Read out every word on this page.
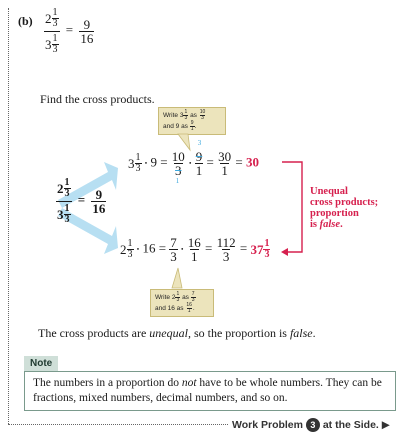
$(b) \frac{2 \frac{1}{3}}{3 \frac{1}{3}} = \frac{9}{16}$
Find the cross products.
Write $3 \frac{1}{3}$ as $\frac{10}{3}$
and 9 as $\frac{9}{1}$ .
$\frac{2 \frac{1}{3}}{3 \frac{1}{3}} = \frac{9}{16}$
$3 \frac{1}{3}$ • 9 = 10
3
1
•
3
9
1
= $\frac{30}{1} = 30$
Unequal
cross products;
proportion
is false.
$2 \frac{1}{3}$ • $16 = \frac{7}{3}$ • $\frac{16}{1} = \frac{112}{3} = 37 \frac{1}{3}$
Write $2 \frac{1}{3}$ as $\frac{7}{3}$
and 16 as $\frac{16}{1}$ .
The cross products are unequal, so the proportion is false.
Note
The numbers in a proportion do not have to be whole numbers. They can be fractions, mixed numbers, decimal numbers, and so on.
Work Problem 3 at the Side. ▶
